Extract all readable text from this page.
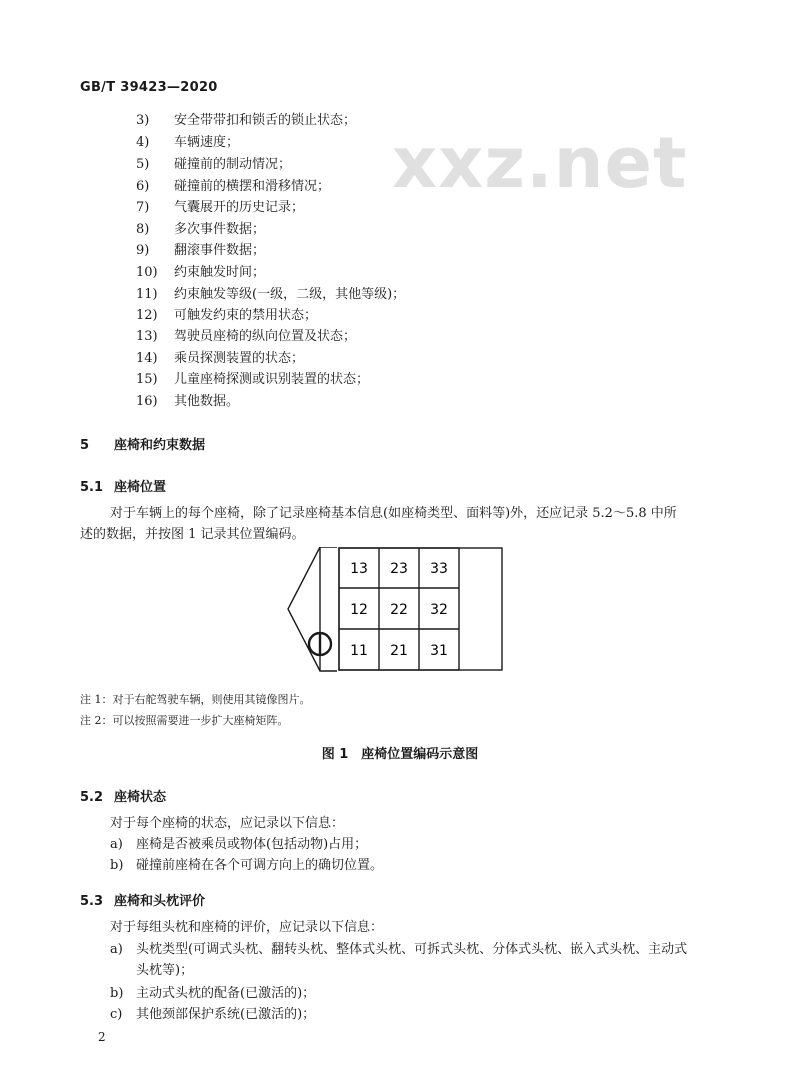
xxz.net
GB/T 39423—2020
3) 安全带带扣和锁舌的锁止状态；
4) 车辆速度；
5) 碰撞前的制动情况；
6) 碰撞前的横摆和滑移情况；
7) 气囊展开的历史记录；
8) 多次事件数据；
9) 翻滚事件数据；
10) 约束触发时间；
11) 约束触发等级(一级，二级，其他等级)；
12) 可触发约束的禁用状态；
13) 驾驶员座椅的纵向位置及状态；
14) 乘员探测装置的状态；
15) 儿童座椅探测或识别装置的状态；
16) 其他数据。
5 座椅和约束数据
5.1 座椅位置
对于车辆上的每个座椅，除了记录座椅基本信息(如座椅类型、面料等)外，还应记录 5.2～5.8 中所
述的数据，并按图 1 记录其位置编码。
13 23 33
12 22 32
11 21 31
注 1：对于右舵驾驶车辆，则使用其镜像图片。
注 2：可以按照需要进一步扩大座椅矩阵。
图 1　座椅位置编码示意图
5.2 座椅状态
对于每个座椅的状态，应记录以下信息：
a) 座椅是否被乘员或物体(包括动物)占用；
b) 碰撞前座椅在各个可调方向上的确切位置。
5.3 座椅和头枕评价
对于每组头枕和座椅的评价，应记录以下信息：
a) 头枕类型(可调式头枕、翻转头枕、整体式头枕、可拆式头枕、分体式头枕、嵌入式头枕、主动式
头枕等)；
b) 主动式头枕的配备(已激活的)；
c) 其他颈部保护系统(已激活的)；
2
